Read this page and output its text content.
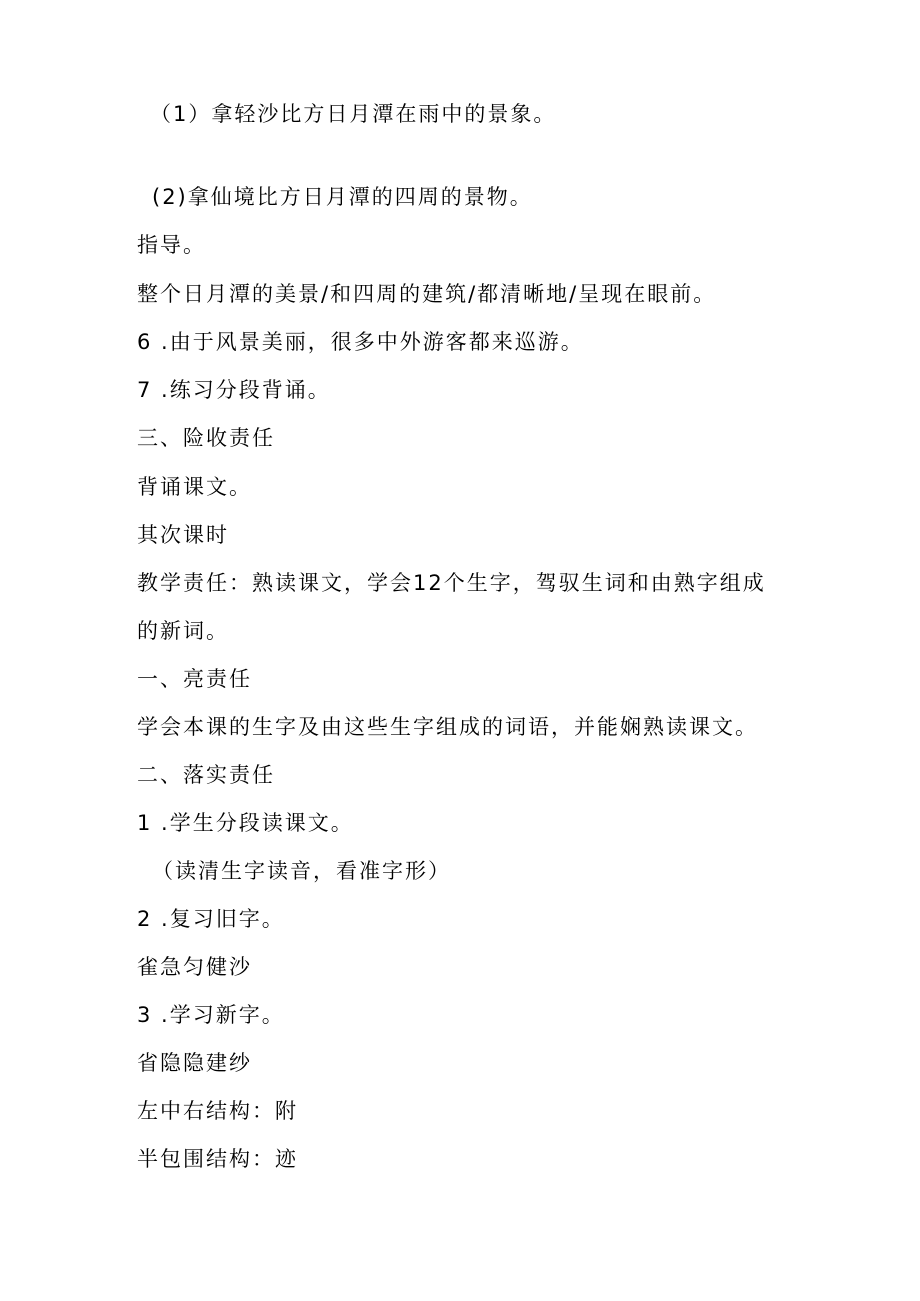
（1）拿轻沙比方日月潭在雨中的景象。
(2)拿仙境比方日月潭的四周的景物。
指导。
整个日月潭的美景/和四周的建筑/都清晰地/呈现在眼前。
6 .由于风景美丽，很多中外游客都来巡游。
7 .练习分段背诵。
三、险收责任
背诵课文。
其次课时
教学责任：熟读课文，学会12个生字，驾驭生词和由熟字组成
的新词。
一、亮责任
学会本课的生字及由这些生字组成的词语，并能娴熟读课文。
二、落实责任
1 .学生分段读课文。
（读清生字读音，看准字形）
2 .复习旧字。
雀急匀健沙
3 .学习新字。
省隐隐建纱
左中右结构：附
半包围结构：迹
